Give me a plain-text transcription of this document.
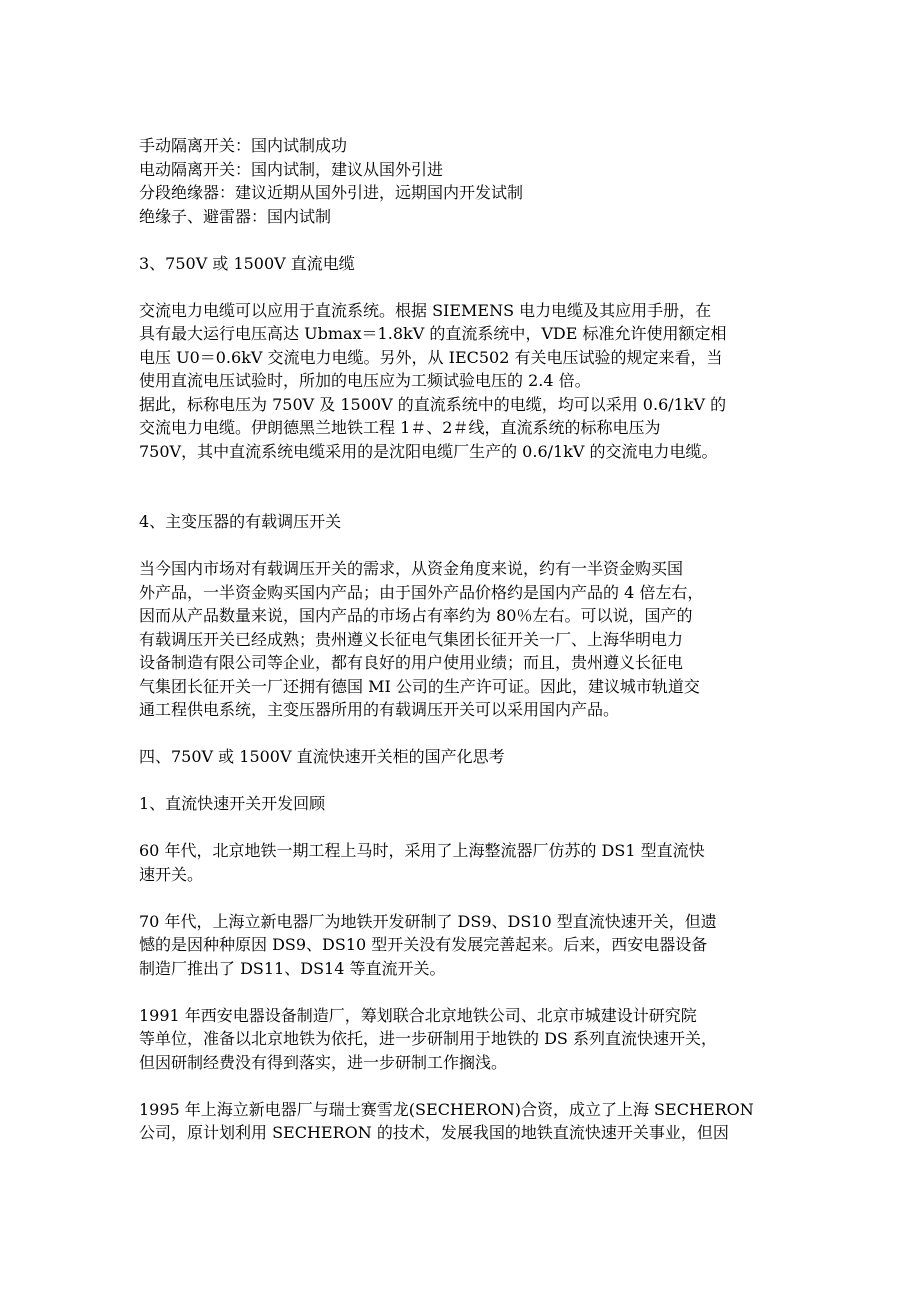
手动隔离开关：国内试制成功
电动隔离开关：国内试制，建议从国外引进
分段绝缘器：建议近期从国外引进，远期国内开发试制
绝缘子、避雷器：国内试制
3、750V 或 1500V 直流电缆
交流电力电缆可以应用于直流系统。根据 SIEMENS 电力电缆及其应用手册，在
具有最大运行电压高达 Ubmax＝1.8kV 的直流系统中，VDE 标准允许使用额定相
电压 U0＝0.6kV 交流电力电缆。另外，从 IEC502 有关电压试验的规定来看，当
使用直流电压试验时，所加的电压应为工频试验电压的 2.4 倍。
据此，标称电压为 750V 及 1500V 的直流系统中的电缆，均可以采用 0.6/1kV 的
交流电力电缆。伊朗德黑兰地铁工程 1＃、2＃线，直流系统的标称电压为
750V，其中直流系统电缆采用的是沈阳电缆厂生产的 0.6/1kV 的交流电力电缆。
4、主变压器的有载调压开关
当今国内市场对有载调压开关的需求，从资金角度来说，约有一半资金购买国
外产品，一半资金购买国内产品；由于国外产品价格约是国内产品的 4 倍左右，
因而从产品数量来说，国内产品的市场占有率约为 80％左右。可以说，国产的
有载调压开关已经成熟；贵州遵义长征电气集团长征开关一厂、上海华明电力
设备制造有限公司等企业，都有良好的用户使用业绩；而且，贵州遵义长征电
气集团长征开关一厂还拥有德国 MI 公司的生产许可证。因此，建议城市轨道交
通工程供电系统，主变压器所用的有载调压开关可以采用国内产品。
四、750V 或 1500V 直流快速开关柜的国产化思考
1、直流快速开关开发回顾
60 年代，北京地铁一期工程上马时，采用了上海整流器厂仿苏的 DS1 型直流快
速开关。
70 年代，上海立新电器厂为地铁开发研制了 DS9、DS10 型直流快速开关，但遗
憾的是因种种原因 DS9、DS10 型开关没有发展完善起来。后来，西安电器设备
制造厂推出了 DS11、DS14 等直流开关。
1991 年西安电器设备制造厂，筹划联合北京地铁公司、北京市城建设计研究院
等单位，准备以北京地铁为依托，进一步研制用于地铁的 DS 系列直流快速开关，
但因研制经费没有得到落实，进一步研制工作搁浅。
1995 年上海立新电器厂与瑞士赛雪龙(SECHERON)合资，成立了上海 SECHERON
公司，原计划利用 SECHERON 的技术，发展我国的地铁直流快速开关事业，但因
